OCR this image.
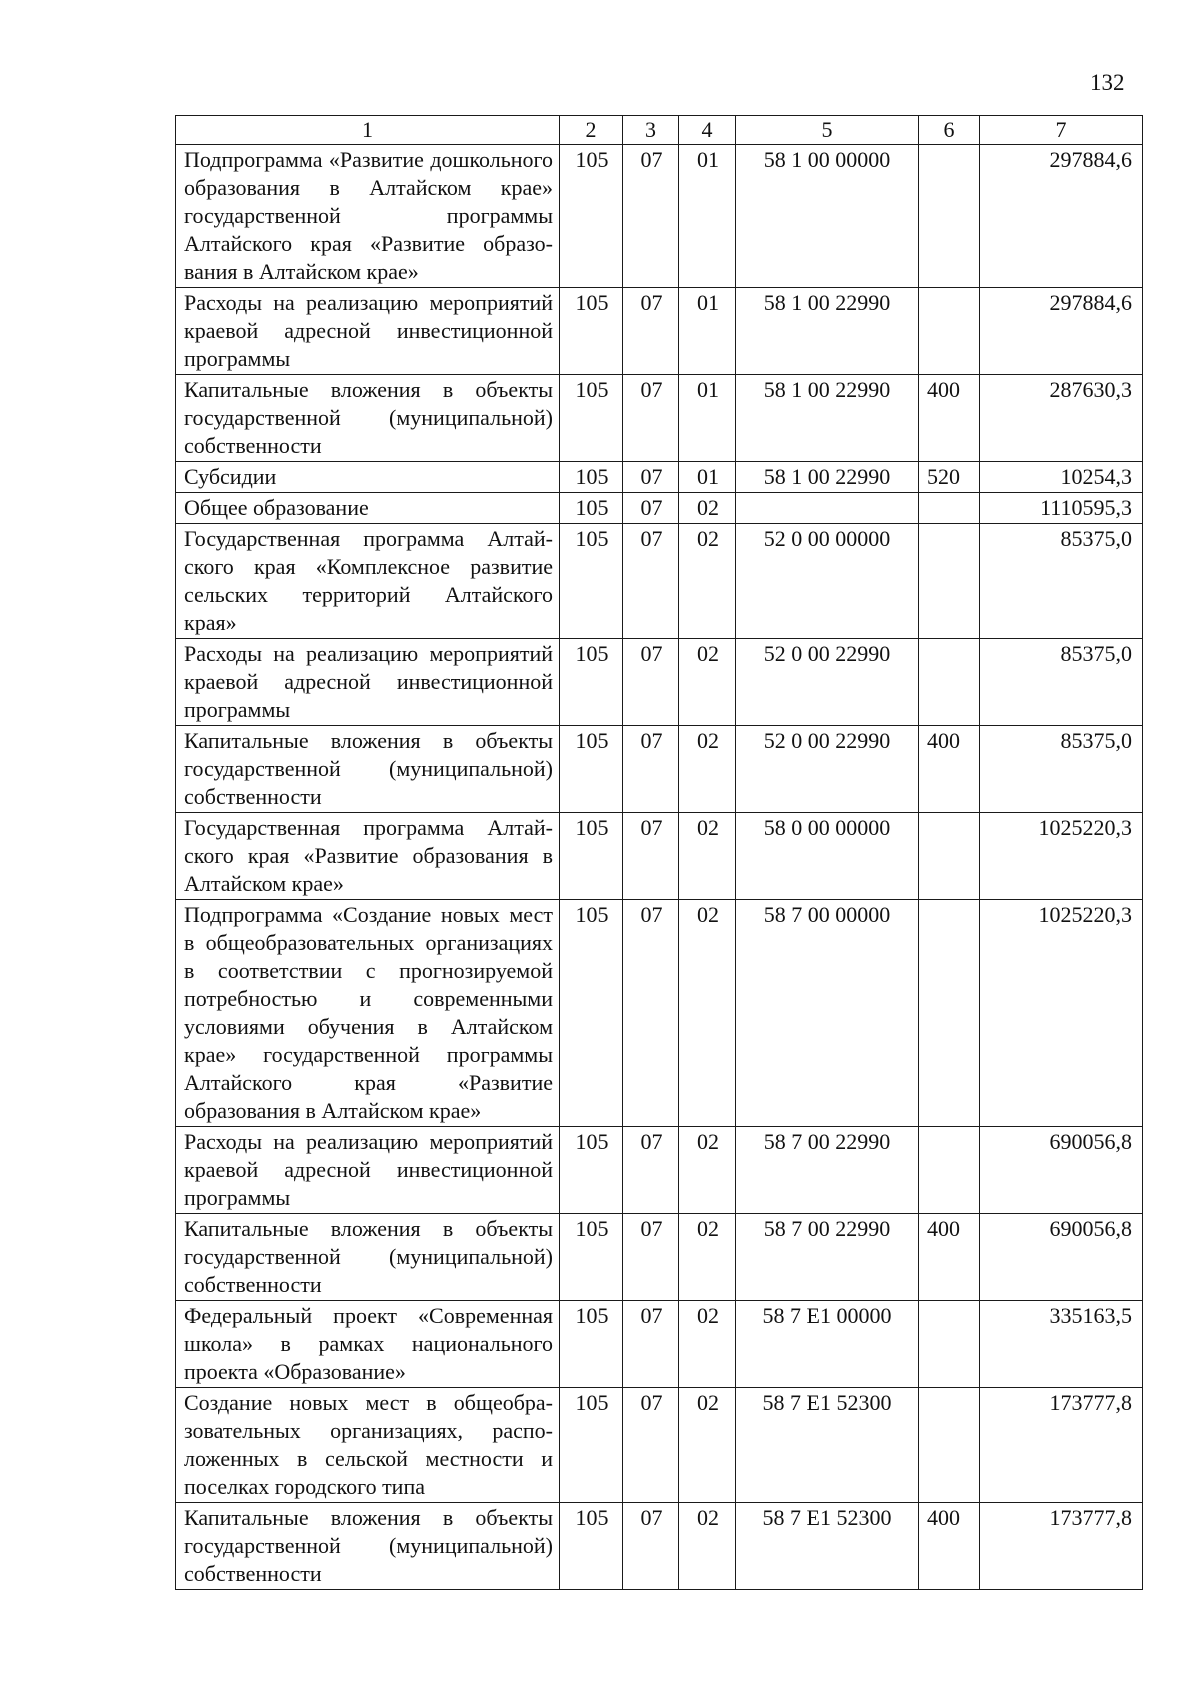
132
1	2	3	4	5	6	7
Подпрограмма «Развитие дошкольного образования в Алтайском крае» государственной программы Алтайского края «Развитие образования в Алтайском крае»	105	07	01	58 1 00 00000		297884,6
Расходы на реализацию мероприятий краевой адресной инвестиционной программы	105	07	01	58 1 00 22990		297884,6
Капитальные вложения в объекты государственной (муниципальной) собственности	105	07	01	58 1 00 22990	400	287630,3
Субсидии	105	07	01	58 1 00 22990	520	10254,3
Общее образование	105	07	02			1110595,3
Государственная программа Алтайского края «Комплексное развитие сельских территорий Алтайского края»	105	07	02	52 0 00 00000		85375,0
Расходы на реализацию мероприятий краевой адресной инвестиционной программы	105	07	02	52 0 00 22990		85375,0
Капитальные вложения в объекты государственной (муниципальной) собственности	105	07	02	52 0 00 22990	400	85375,0
Государственная программа Алтайского края «Развитие образования в Алтайском крае»	105	07	02	58 0 00 00000		1025220,3
Подпрограмма «Создание новых мест в общеобразовательных организациях в соответствии с прогнозируемой потребностью и современными условиями обучения в Алтайском крае» государственной программы Алтайского края «Развитие образования в Алтайском крае»	105	07	02	58 7 00 00000		1025220,3
Расходы на реализацию мероприятий краевой адресной инвестиционной программы	105	07	02	58 7 00 22990		690056,8
Капитальные вложения в объекты государственной (муниципальной) собственности	105	07	02	58 7 00 22990	400	690056,8
Федеральный проект «Современная школа» в рамках национального проекта «Образование»	105	07	02	58 7 E1 00000		335163,5
Создание новых мест в общеобразовательных организациях, расположенных в сельской местности и поселках городского типа	105	07	02	58 7 E1 52300		173777,8
Капитальные вложения в объекты государственной (муниципальной) собственности	105	07	02	58 7 E1 52300	400	173777,8
